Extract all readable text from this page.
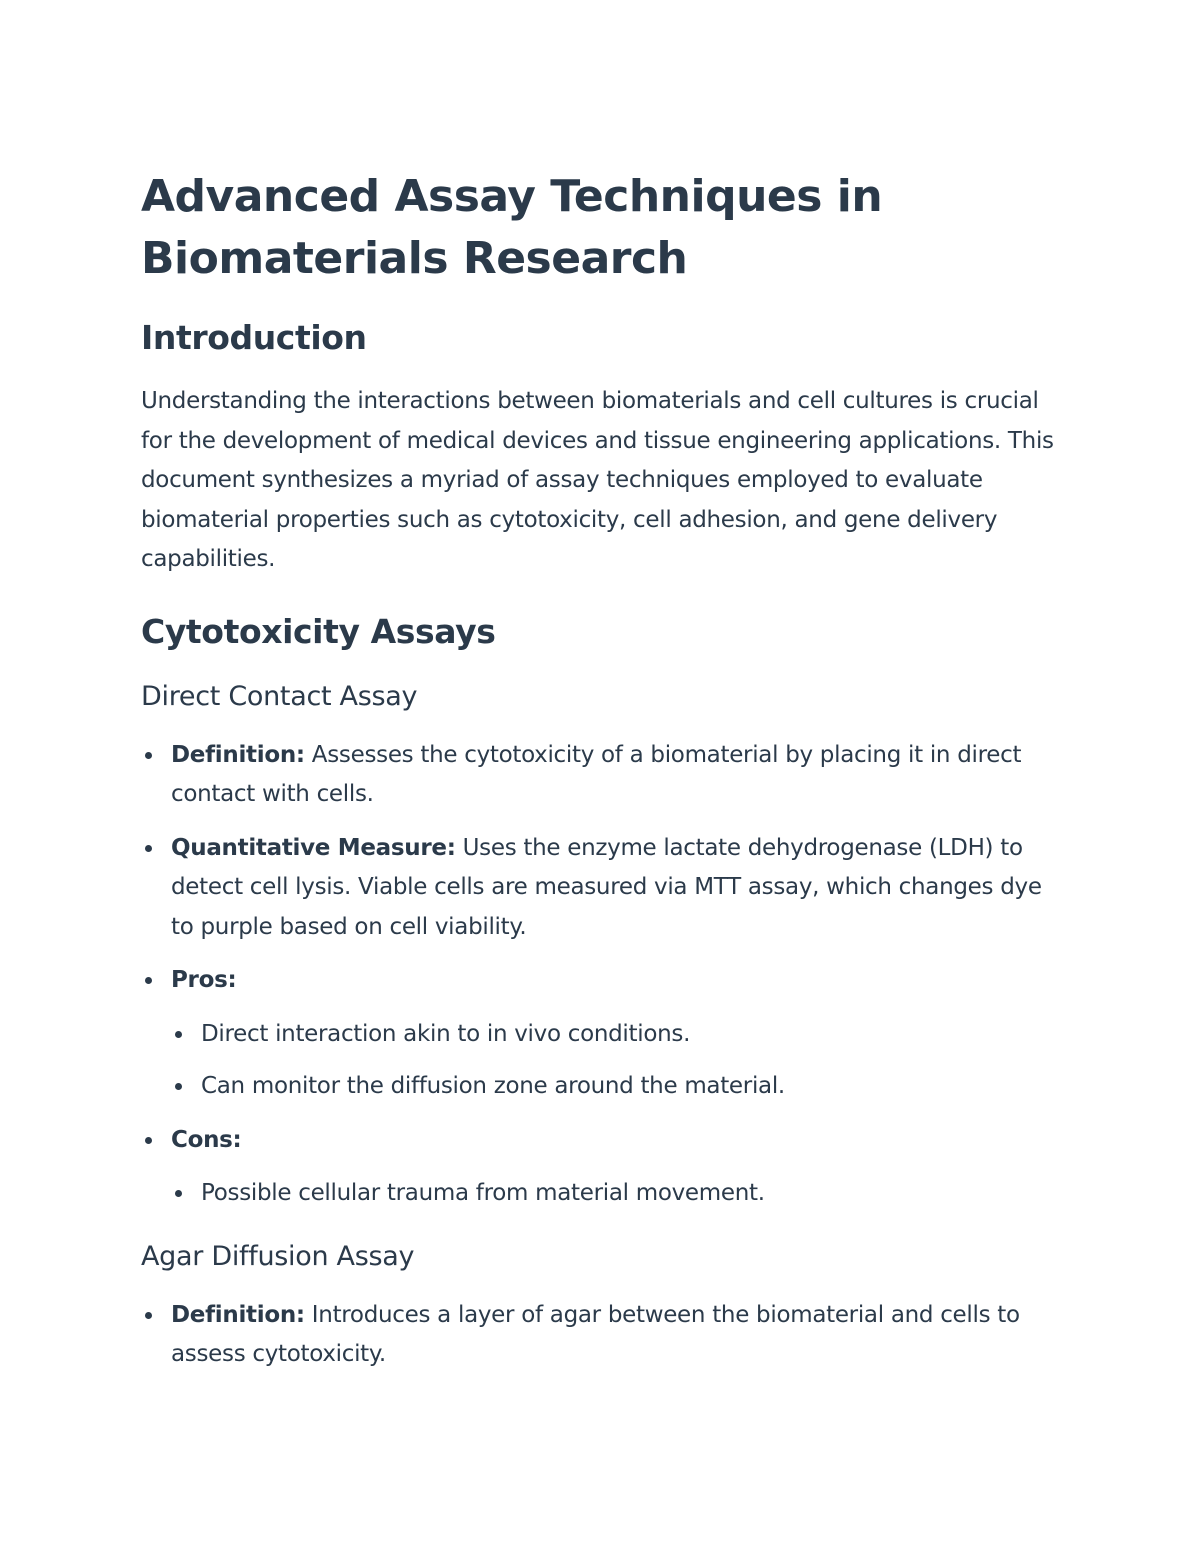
Advanced Assay Techniques in Biomaterials Research
Introduction

Understanding the interactions between biomaterials and cell cultures is crucial for the development of medical devices and tissue engineering applications. This document synthesizes a myriad of assay techniques employed to evaluate biomaterial properties such as cytotoxicity, cell adhesion, and gene delivery capabilities.

Cytotoxicity Assays
Direct Contact Assay
Definition: Assesses the cytotoxicity of a biomaterial by placing it in direct contact with cells.
Quantitative Measure: Uses the enzyme lactate dehydrogenase (LDH) to detect cell lysis. Viable cells are measured via MTT assay, which changes dye to purple based on cell viability.
Pros:
Direct interaction akin to in vivo conditions.
Can monitor the diffusion zone around the material.
Cons:
Possible cellular trauma from material movement.
Agar Diffusion Assay
Definition: Introduces a layer of agar between the biomaterial and cells to assess cytotoxicity.
